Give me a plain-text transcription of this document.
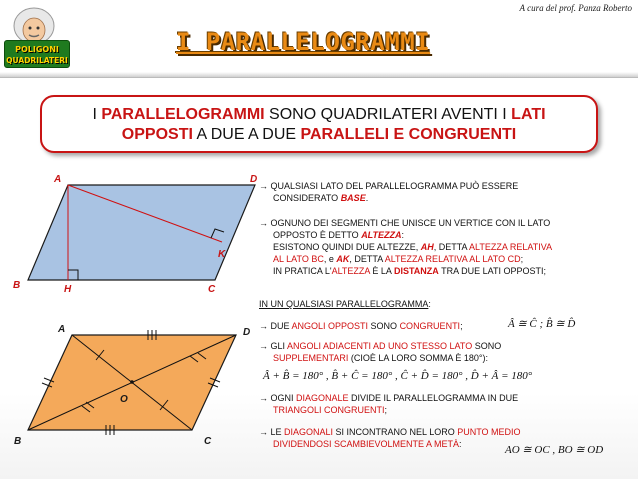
A cura del prof. Panza Roberto
POLIGONI
QUADRILATERI
I PARALLELOGRAMMI
I PARALLELOGRAMMI SONO QUADRILATERI AVENTI I LATI
OPPOSTI A DUE A DUE PARALLELI E CONGRUENTI
A	D
B	H	C
K
A	D
B	C
O
→ QUALSIASI LATO DEL PARALLELOGRAMMA PUÒ ESSERE
CONSIDERATO BASE.
→ OGNUNO DEI SEGMENTI CHE UNISCE UN VERTICE CON IL LATO
OPPOSTO È DETTO ALTEZZA:
ESISTONO QUINDI DUE ALTEZZE, AH, DETTA ALTEZZA RELATIVA
AL LATO BC, e AK, DETTA ALTEZZA RELATIVA AL LATO CD;
IN PRATICA L'ALTEZZA È LA DISTANZA TRA DUE LATI OPPOSTI;
IN UN QUALSIASI PARALLELOGRAMMA:
→ DUE ANGOLI OPPOSTI SONO CONGRUENTI;	Â ≅ Ĉ ; B̂ ≅ D̂
→ GLI ANGOLI ADIACENTI AD UNO STESSO LATO SONO
SUPPLEMENTARI (CIOÈ LA LORO SOMMA È 180°):
Â + B̂ = 180° , B̂ + Ĉ = 180° , Ĉ + D̂ = 180° , D̂ + Â = 180°
→ OGNI DIAGONALE DIVIDE IL PARALLELOGRAMMA IN DUE
TRIANGOLI CONGRUENTI;
→ LE DIAGONALI SI INCONTRANO NEL LORO PUNTO MEDIO
DIVIDENDOSI SCAMBIEVOLMENTE A METÀ:	AO ≅ OC , BO ≅ OD
